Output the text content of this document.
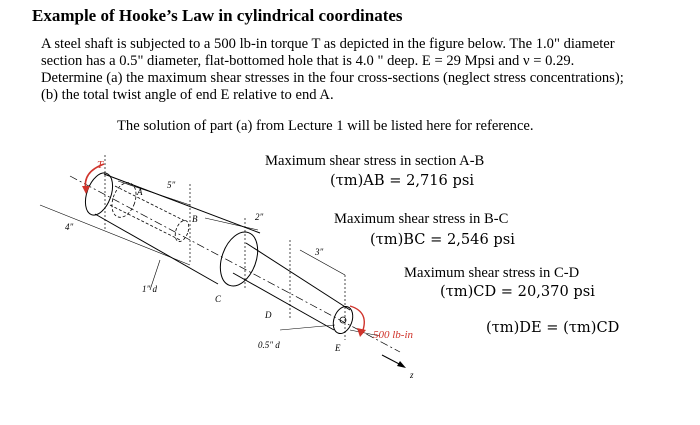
Example of Hooke’s Law in cylindrical coordinates
A steel shaft is subjected to a 500 lb-in torque T as depicted in the figure below. The 1.0" diameter
section has a 0.5" diameter, flat-bottomed hole that is 4.0 " deep. E = 29 Mpsi and ν = 0.29.
Determine (a) the maximum shear stresses in the four cross-sections (neglect stress concentrations);
(b) the total twist angle of end E relative to end A.
The solution of part (a) from Lecture 1 will be listed here for reference.
Maximum shear stress in section A-B
(τm)AB = 2,716 psi
Maximum shear stress in B-C
(τm)BC = 2,546 psi
Maximum shear stress in C-D
(τm)CD = 20,370 psi
(τm)DE = (τm)CD
T
5"
2"
3"
4"
1" d
0.5" d
A
B
C
D
E
500 lb-in
z
